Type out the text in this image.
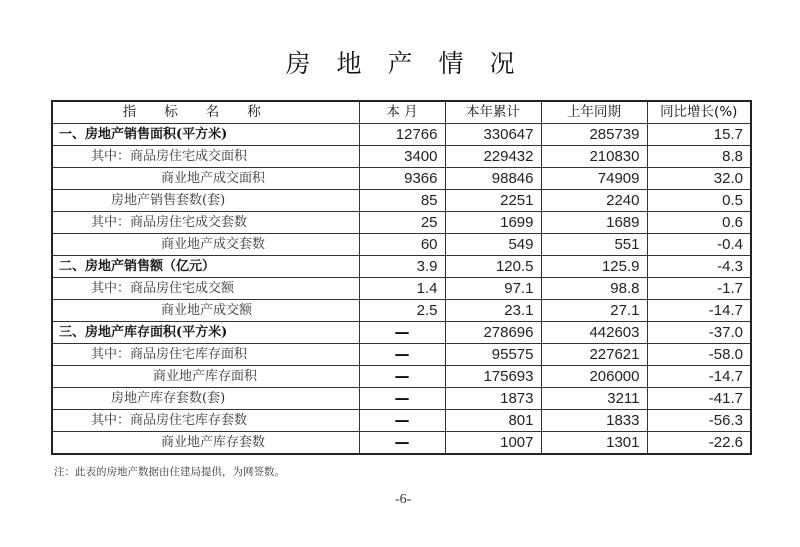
房地产情况
指标名称	本 月	本年累计	上年同期	同比增长(%)
一、房地产销售面积(平方米)	12766	330647	285739	15.7
其中：商品房住宅成交面积	3400	229432	210830	8.8
商业地产成交面积	9366	98846	74909	32.0
房地产销售套数(套)	85	2251	2240	0.5
其中：商品房住宅成交套数	25	1699	1689	0.6
商业地产成交套数	60	549	551	-0.4
二、房地产销售额（亿元）	3.9	120.5	125.9	-4.3
其中：商品房住宅成交额	1.4	97.1	98.8	-1.7
商业地产成交额	2.5	23.1	27.1	-14.7
三、房地产库存面积(平方米)	—	278696	442603	-37.0
其中：商品房住宅库存面积	—	95575	227621	-58.0
商业地产库存面积	—	175693	206000	-14.7
房地产库存套数(套)	—	1873	3211	-41.7
其中：商品房住宅库存套数	—	801	1833	-56.3
商业地产库存套数	—	1007	1301	-22.6
注：此表的房地产数据由住建局提供，为网签数。
-6-
